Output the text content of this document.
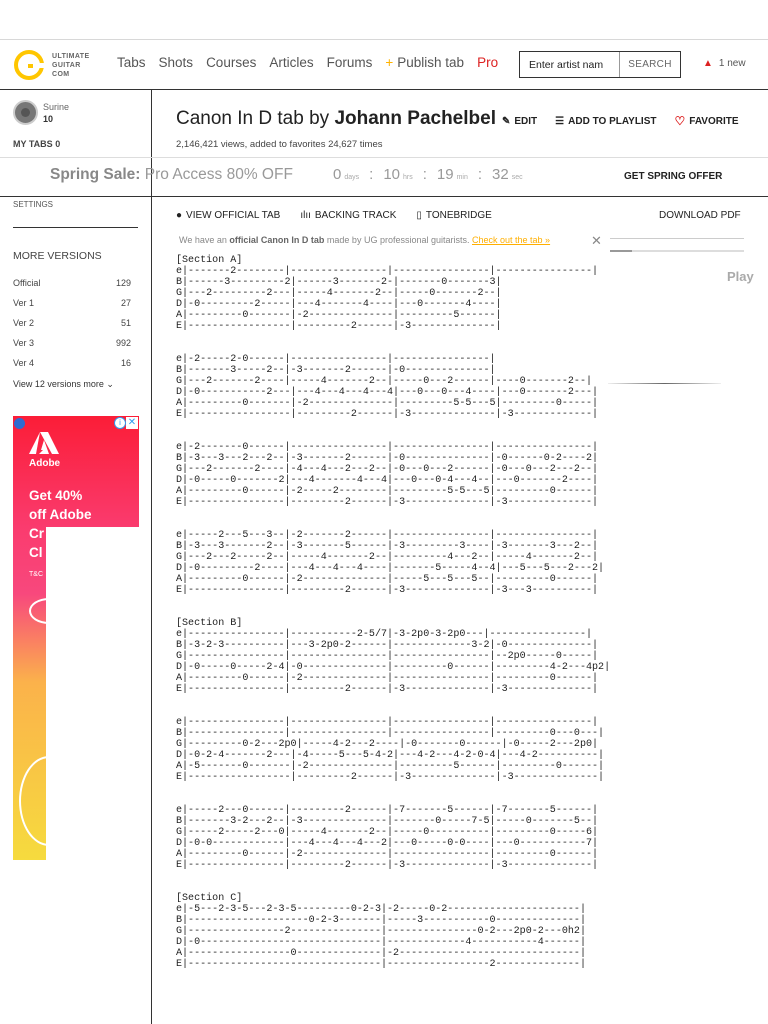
ULTIMATE
GUITAR
COM
Tabs Shots Courses Articles Forums + Publish tab Pro
Enter artist nam	SEARCH	▲ 1 new
Surine
10
MY TABS 0
Canon In D tab by Johann Pachelbel ✎ EDIT ☰ ADD TO PLAYLIST ♡ FAVORITE
2,146,421 views, added to favorites 24,627 times
Spring Sale: Pro Access 80% OFF	0 days : 10 hrs : 19 min : 32 sec	GET SPRING OFFER
SETTINGS
MORE VERSIONS
Official	129
Ver 1	27
Ver 2	51
Ver 3	992
Ver 4	16
View 12 versions more ⌄
i ✕
Adobe
Get 40%
off Adobe
Cr
Cl
T&C
● VIEW OFFICIAL TAB ılıı BACKING TRACK ▯ TONEBRIDGE	DOWNLOAD PDF
We have an official Canon In D tab made by UG professional guitarists. Check out the tab »	✕
Play
[Section A]
e|-------2--------|----------------|----------------|----------------|
B|------3---------2|------3-------2-|-------0-------3|
G|---2---------2---|-----4-------2--|-----0-------2--|
D|-0---------2-----|---4-------4----|---0-------4----|
A|---------0-------|-2--------------|---------5------|
E|-----------------|---------2------|-3--------------|

e|-2-----2-0------|----------------|----------------|
B|-------3-----2--|-3-------2------|-0--------------|
G|---2-------2----|-----4-------2--|-----0---2------|----0-------2--|
D|-0-----------2---|---4---4---4---4|---0---0---4----|---0-------2---|
A|---------0-------|-2--------------|---------5-5---5|---------0-----|
E|-----------------|---------2------|-3--------------|-3-------------|

e|-2-------0------|----------------|----------------|----------------|
B|-3---3---2---2--|-3-------2------|-0--------------|-0------0-2----2|
G|---2-------2----|-4---4---2---2--|-0---0---2------|-0---0---2---2--|
D|-0-----0-------2|---4-------4---4|---0---0-4---4--|---0-------2----|
A|---------0------|-2-----2--------|---------5-5---5|---------0------|
E|----------------|---------2------|-3--------------|-3--------------|

e|-----2---5---3--|-2-------2------|----------------|----------------|
B|-3---3-------2--|-3-------5------|-3---------3----|-3-------3---2--|
G|---2---2-----2--|-----4-------2--|---------4---2--|-----4-------2--|
D|-0---------2----|---4---4---4----|-------5-----4--4|---5---5---2---2|
A|---------0------|-2--------------|-----5---5---5--|---------0------|
E|----------------|---------2------|-3--------------|-3---3----------|

[Section B]
e|----------------|-----------2-5/7|-3-2p0-3-2p0---|----------------|
B|-3-2-3----------|---3-2p0-2------|-------------3-2|-0--------------|
G|----------------|----------------|----------------|--2p0-----0-----|
D|-0-----0-----2-4|-0--------------|---------0------|---------4-2---4p2|
A|---------0------|-2--------------|----------------|---------0------|
E|----------------|---------2------|-3--------------|-3--------------|

e|----------------|----------------|----------------|----------------|
B|----------------|----------------|----------------|---------0---0---|
G|---------0-2---2p0|-----4-2---2----|-0-------0------|-0-----2---2p0|
D|-0-2-4-------2---|-4-----5---5-4-2|---4-2---4-2-0-4|---4-2----------|
A|-5-------0-------|-2--------------|---------5------|---------0------|
E|-----------------|---------2------|-3--------------|-3--------------|

e|-----2---0------|---------2------|-7-------5------|-7-------5------|
B|-------3-2---2--|-3--------------|-------0-----7-5|-----0-------5--|
G|-----2-----2---0|-----4-------2--|-----0----------|---------0-----6|
D|-0-0------------|---4---4---4---2|---0-----0-0----|---0-----------7|
A|---------0------|-2--------------|----------------|---------0------|
E|----------------|---------2------|-3--------------|-3--------------|

[Section C]
e|-5---2-3-5---2-3-5---------0-2-3|-2-----0-2----------------------|
B|--------------------0-2-3-------|-----3-----------0--------------|
G|----------------2---------------|---------------0-2---2p0-2---0h2|
D|-0------------------------------|-------------4-----------4------|
A|-----------------0--------------|-2------------------------------|
E|--------------------------------|-----------------2--------------|
